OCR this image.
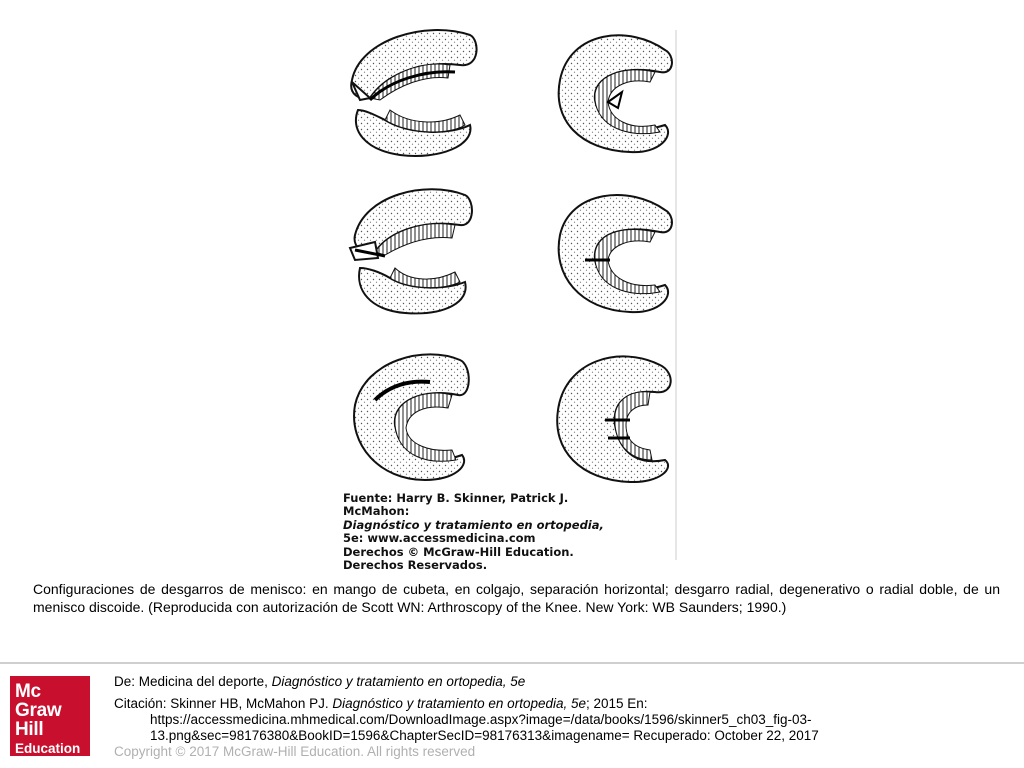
Fuente: Harry B. Skinner, Patrick J. McMahon:
Diagnóstico y tratamiento en ortopedia,
5e: www.accessmedicina.com
Derechos © McGraw-Hill Education.
Derechos Reservados.
Configuraciones de desgarros de menisco: en mango de cubeta, en colgajo, separación horizontal; desgarro radial, degenerativo o radial doble, de un menisco discoide. (Reproducida con autorización de Scott WN: Arthroscopy of the Knee. New York: WB Saunders; 1990.)
Mc
Graw
Hill
Education
De: Medicina del deporte, Diagnóstico y tratamiento en ortopedia, 5e
Citación: Skinner HB, McMahon PJ. Diagnóstico y tratamiento en ortopedia, 5e; 2015 En:
https://accessmedicina.mhmedical.com/DownloadImage.aspx?image=/data/books/1596/skinner5_ch03_fig-03-
13.png&sec=98176380&BookID=1596&ChapterSecID=98176313&imagename= Recuperado: October 22, 2017
Copyright © 2017 McGraw-Hill Education. All rights reserved
